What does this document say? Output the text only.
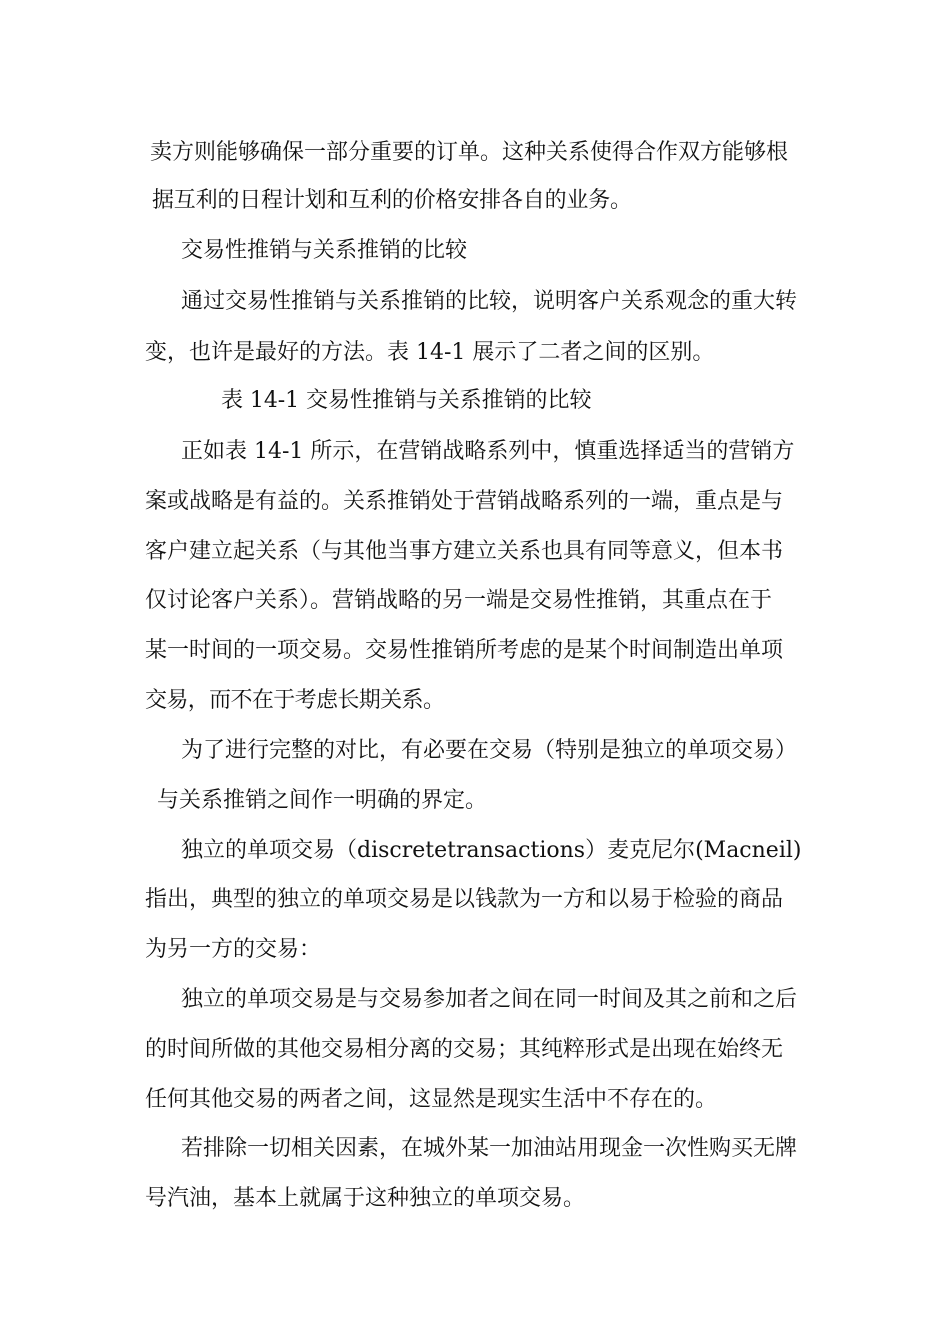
卖方则能够确保一部分重要的订单。这种关系使得合作双方能够根
据互利的日程计划和互利的价格安排各自的业务。
交易性推销与关系推销的比较
通过交易性推销与关系推销的比较，说明客户关系观念的重大转
变，也许是最好的方法。表 14-1 展示了二者之间的区别。
表 14-1 交易性推销与关系推销的比较
正如表 14-1 所示，在营销战略系列中，慎重选择适当的营销方
案或战略是有益的。关系推销处于营销战略系列的一端，重点是与
客户建立起关系（与其他当事方建立关系也具有同等意义，但本书
仅讨论客户关系）。营销战略的另一端是交易性推销，其重点在于
某一时间的一项交易。交易性推销所考虑的是某个时间制造出单项
交易，而不在于考虑长期关系。
为了进行完整的对比，有必要在交易（特别是独立的单项交易）
与关系推销之间作一明确的界定。
独立的单项交易（discretetransactions）麦克尼尔(Macneil)
指出，典型的独立的单项交易是以钱款为一方和以易于检验的商品
为另一方的交易：
独立的单项交易是与交易参加者之间在同一时间及其之前和之后
的时间所做的其他交易相分离的交易；其纯粹形式是出现在始终无
任何其他交易的两者之间，这显然是现实生活中不存在的。
若排除一切相关因素，在城外某一加油站用现金一次性购买无牌
号汽油，基本上就属于这种独立的单项交易。
